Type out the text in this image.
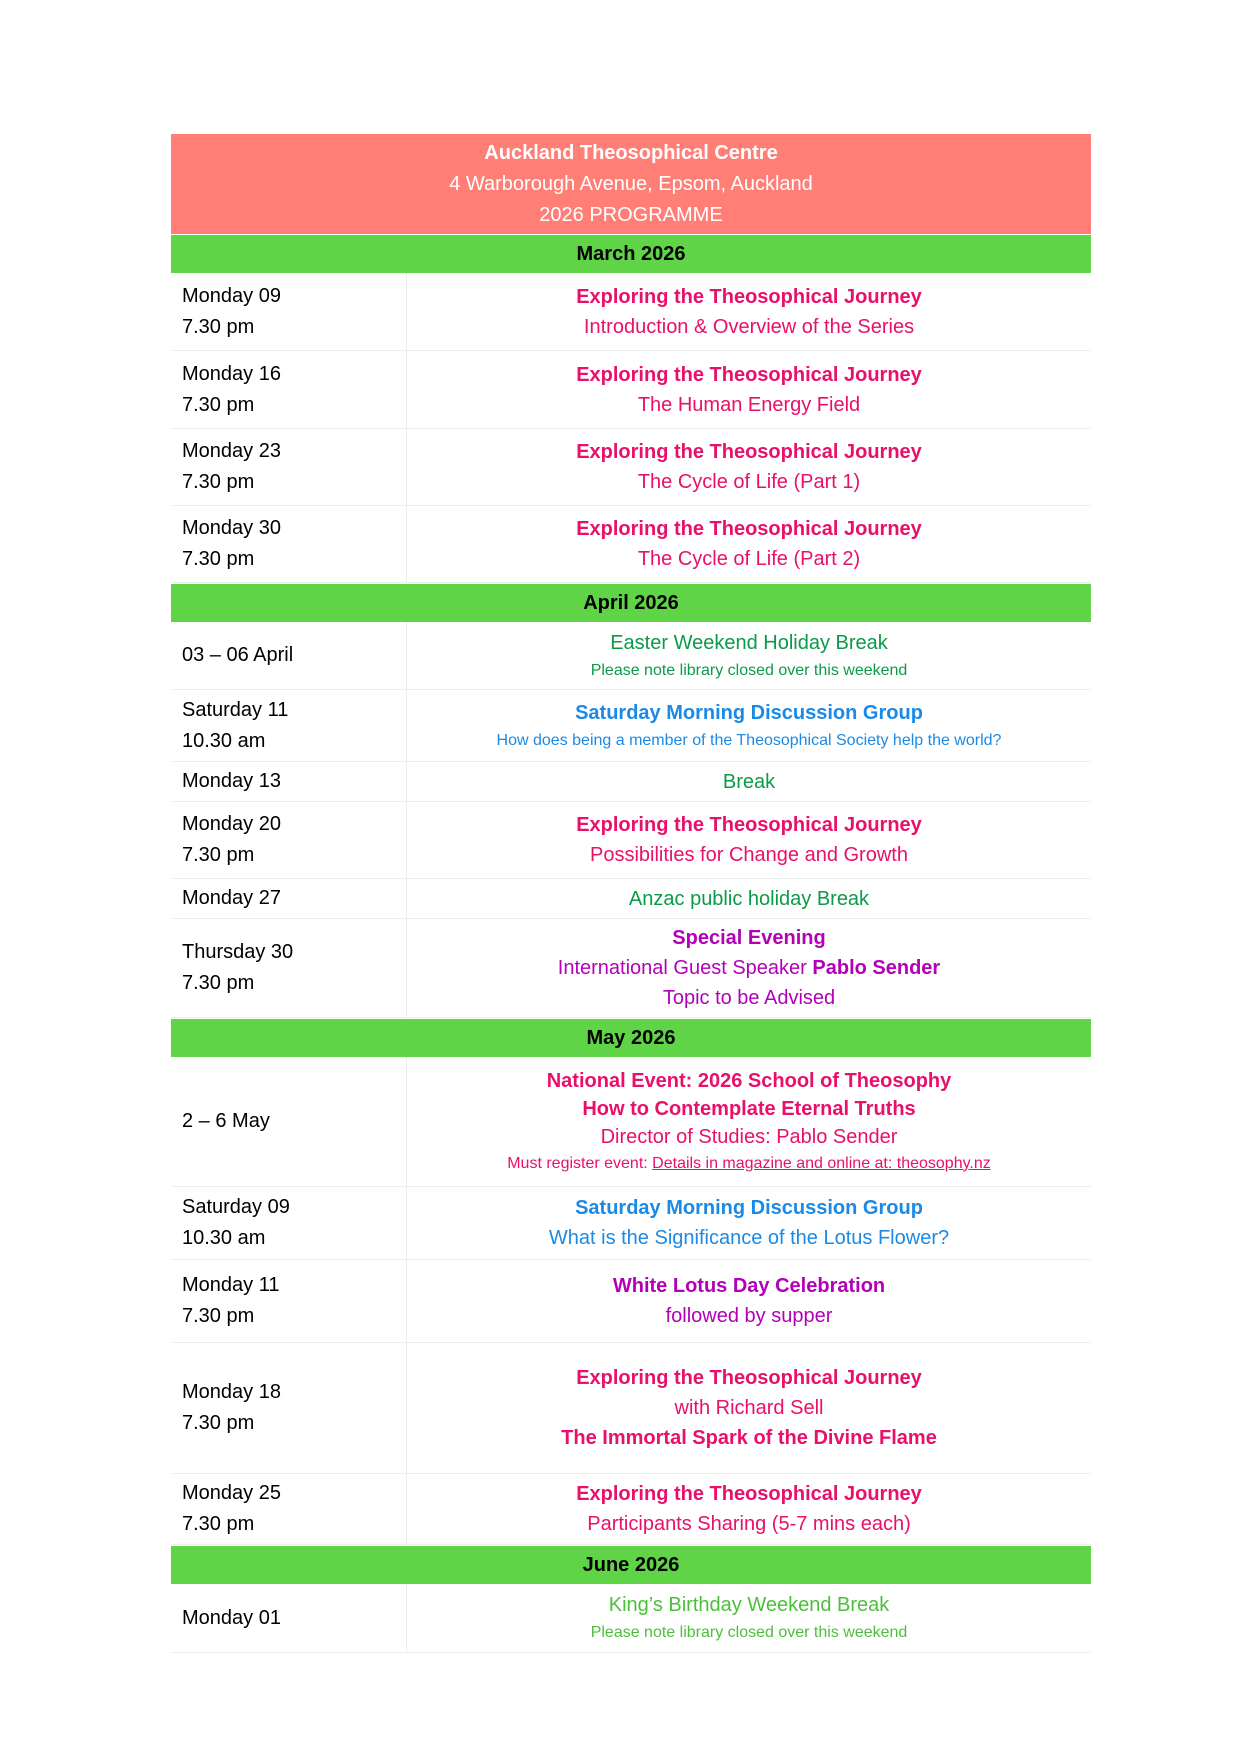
Auckland Theosophical Centre
4 Warborough Avenue, Epsom, Auckland
2026 PROGRAMME
March 2026
Monday 09
7.30 pm
Exploring the Theosophical Journey
Introduction & Overview of the Series
Monday 16
7.30 pm
Exploring the Theosophical Journey
The Human Energy Field
Monday 23
7.30 pm
Exploring the Theosophical Journey
The Cycle of Life (Part 1)
Monday 30
7.30 pm
Exploring the Theosophical Journey
The Cycle of Life (Part 2)
April 2026
03 – 06 April
Easter Weekend Holiday Break
Please note library closed over this weekend
Saturday 11
10.30 am
Saturday Morning Discussion Group
How does being a member of the Theosophical Society help the world?
Monday 13	Break
Monday 20
7.30 pm
Exploring the Theosophical Journey
Possibilities for Change and Growth
Monday 27	Anzac public holiday Break
Thursday 30
7.30 pm
Special Evening
International Guest Speaker Pablo Sender
Topic to be Advised
May 2026
2 – 6 May
National Event: 2026 School of Theosophy
How to Contemplate Eternal Truths
Director of Studies: Pablo Sender
Must register event: Details in magazine and online at: theosophy.nz
Saturday 09
10.30 am
Saturday Morning Discussion Group
What is the Significance of the Lotus Flower?
Monday 11
7.30 pm
White Lotus Day Celebration
followed by supper
Monday 18
7.30 pm
Exploring the Theosophical Journey
with Richard Sell
The Immortal Spark of the Divine Flame
Monday 25
7.30 pm
Exploring the Theosophical Journey
Participants Sharing (5-7 mins each)
June 2026
Monday 01
King’s Birthday Weekend Break
Please note library closed over this weekend
